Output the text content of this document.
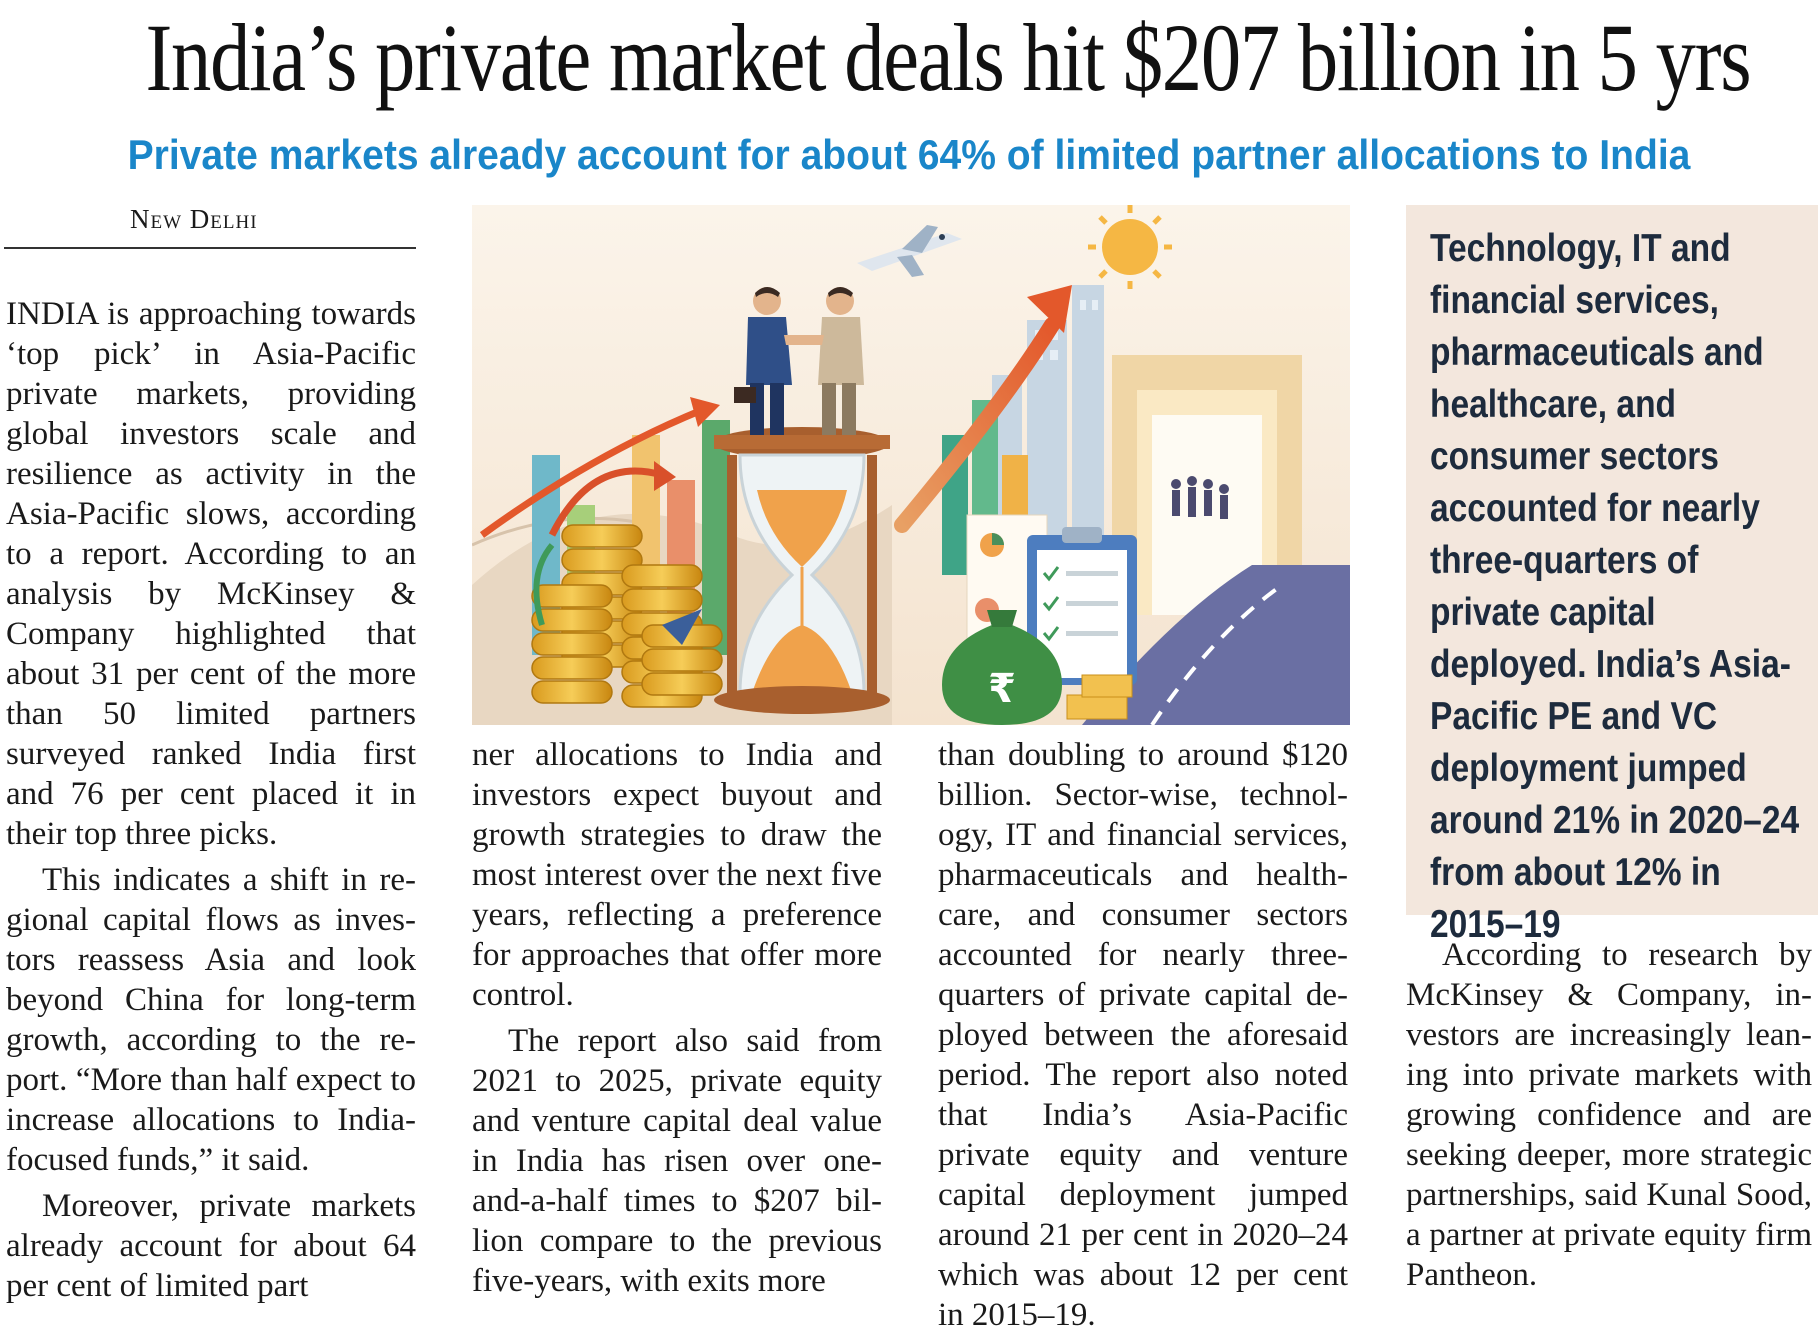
India’s private market deals hit $207 billion in 5 yrs
Private markets already account for about 64% of limited partner allocations to India
New Delhi

INDIA is approaching towards ‘top pick’ in Asia-Pacific private markets, providing global investors scale and resilience as activity in the Asia-Pacific slows, according to a report. According to an analysis by McKinsey & Company highlighted that about 31 per cent of the more than 50 limited partners surveyed ranked India first and 76 per cent placed it in their top three picks.

This indicates a shift in regional capital flows as investors reassess Asia and look beyond China for long-term growth, according to the report. “More than half expect to increase allocations to India-focused funds,” it said.

Moreover, private markets already account for about 64 per cent of limited part

₹

ner allocations to India and investors expect buyout and growth strategies to draw the most interest over the next five years, reflecting a preference for approaches that offer more control.

The report also said from 2021 to 2025, private equity and venture capital deal value in India has risen over one-and-a-half times to $207 billion compare to the previous five-years, with exits more

than doubling to around $120 billion. Sector-wise, technology, IT and financial services, pharmaceuticals and healthcare, and consumer sectors accounted for nearly three-quarters of private capital deployed between the aforesaid period. The report also noted that India’s Asia-Pacific private equity and venture capital deployment jumped around 21 per cent in 2020–24 which was about 12 per cent in 2015–19.

Technology, IT and financial services, pharmaceuticals and healthcare, and consumer sectors accounted for nearly three-quarters of private capital deployed. India’s Asia-Pacific PE and VC deployment jumped around 21% in 2020–24 from about 12% in 2015–19

According to research by McKinsey & Company, investors are increasingly leaning into private markets with growing confidence and are seeking deeper, more strategic partnerships, said Kunal Sood, a partner at private equity firm Pantheon.
